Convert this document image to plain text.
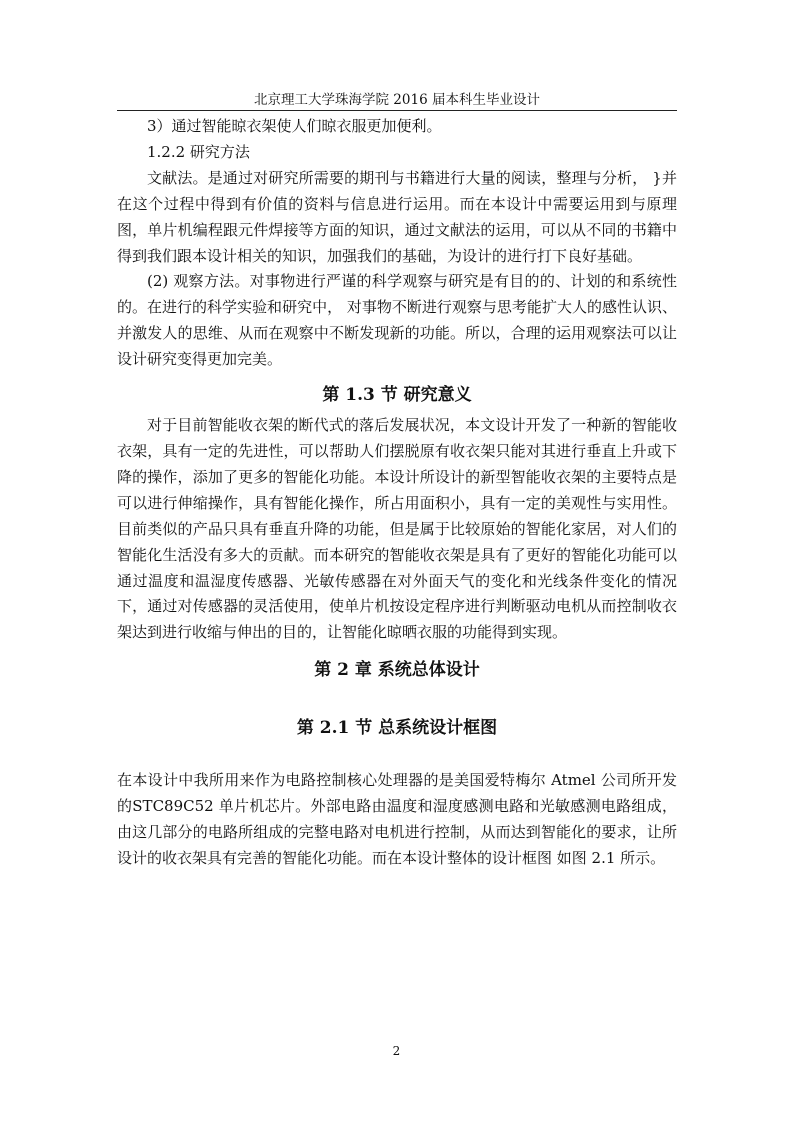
北京理工大学珠海学院 2016 届本科生毕业设计

3）通过智能晾衣架使人们晾衣服更加便利。

1.2.2 研究方法

文献法。是通过对研究所需要的期刊与书籍进行大量的阅读，整理与分析， }并在这个过程中得到有价值的资料与信息进行运用。而在本设计中需要运用到与原理图，单片机编程跟元件焊接等方面的知识，通过文献法的运用，可以从不同的书籍中得到我们跟本设计相关的知识，加强我们的基础，为设计的进行打下良好基础。

(2) 观察方法。对事物进行严谨的科学观察与研究是有目的的、计划的和系统性的。在进行的科学实验和研究中， 对事物不断进行观察与思考能扩大人的感性认识、并激发人的思维、从而在观察中不断发现新的功能。所以，合理的运用观察法可以让设计研究变得更加完美。

第 1.3 节 研究意义

对于目前智能收衣架的断代式的落后发展状况，本文设计开发了一种新的智能收衣架，具有一定的先进性，可以帮助人们摆脱原有收衣架只能对其进行垂直上升或下降的操作，添加了更多的智能化功能。本设计所设计的新型智能收衣架的主要特点是可以进行伸缩操作，具有智能化操作，所占用面积小，具有一定的美观性与实用性。目前类似的产品只具有垂直升降的功能，但是属于比较原始的智能化家居，对人们的智能化生活没有多大的贡献。而本研究的智能收衣架是具有了更好的智能化功能可以通过温度和温湿度传感器、光敏传感器在对外面天气的变化和光线条件变化的情况下，通过对传感器的灵活使用，使单片机按设定程序进行判断驱动电机从而控制收衣架达到进行收缩与伸出的目的，让智能化晾晒衣服的功能得到实现。

第 2 章 系统总体设计
第 2.1 节 总系统设计框图

在本设计中我所用来作为电路控制核心处理器的是美国爱特梅尔 Atmel 公司所开发的STC89C52 单片机芯片。外部电路由温度和湿度感测电路和光敏感测电路组成，由这几部分的电路所组成的完整电路对电机进行控制，从而达到智能化的要求，让所设计的收衣架具有完善的智能化功能。而在本设计整体的设计框图 如图 2.1 所示。

2
